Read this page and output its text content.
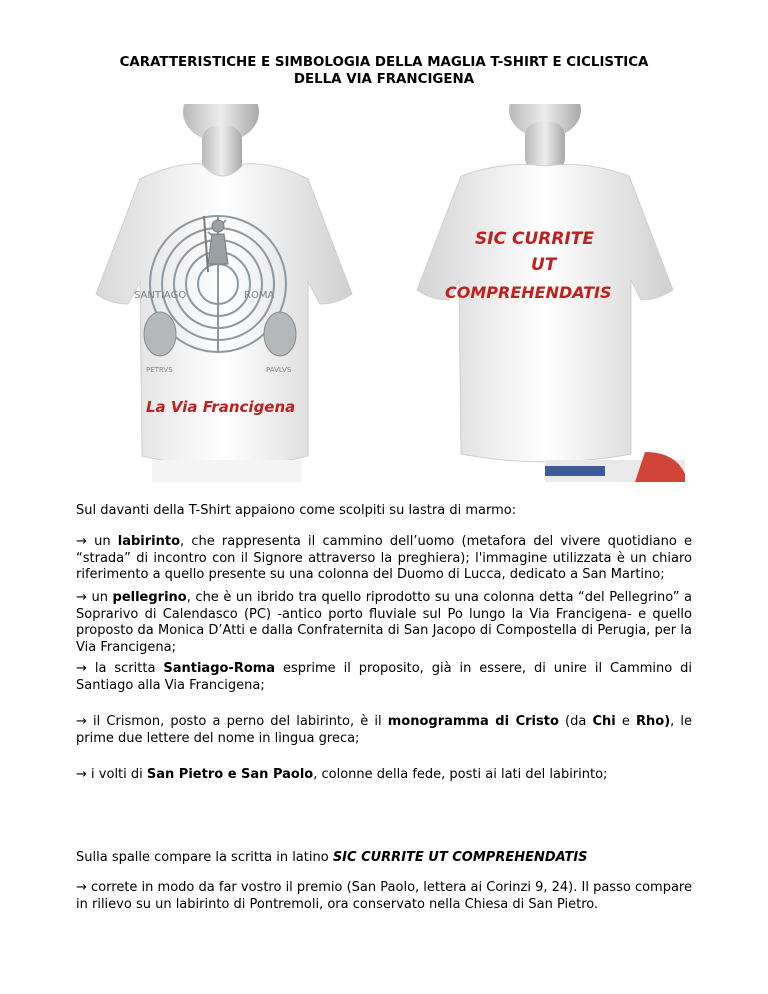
CARATTERISTICHE E SIMBOLOGIA DELLA MAGLIA T-SHIRT E CICLISTICA
DELLA VIA FRANCIGENA
SANTIAGO	ROMA
PETRVS	PAVLVS
La Via Francigena
SIC CURRITE
UT
COMPREHENDATIS
Sul davanti della T-Shirt appaiono come scolpiti su lastra di marmo:
→ un labirinto, che rappresenta il cammino dell’uomo (metafora del vivere quotidiano e “strada” di incontro con il Signore attraverso la preghiera); l'immagine utilizzata è un chiaro riferimento a quello presente su una colonna del Duomo di Lucca, dedicato a San Martino;
→ un pellegrino, che è un ibrido tra quello riprodotto su una colonna detta “del Pellegrino” a Soprarivo di Calendasco (PC) -antico porto fluviale sul Po lungo la Via Francigena- e quello proposto da Monica D’Atti e dalla Confraternita di San Jacopo di Compostella di Perugia, per la Via Francigena;
→ la scritta Santiago-Roma esprime il proposito, già in essere, di unire il Cammino di Santiago alla Via Francigena;
→ il Crismon, posto a perno del labirinto, è il monogramma di Cristo (da Chi e Rho), le prime due lettere del nome in lingua greca;
→ i volti di San Pietro e San Paolo, colonne della fede, posti ai lati del labirinto;
Sulla spalle compare la scritta in latino SIC CURRITE UT COMPREHENDATIS
→ correte in modo da far vostro il premio (San Paolo, lettera ai Corinzi 9, 24). Il passo compare in rilievo su un labirinto di Pontremoli, ora conservato nella Chiesa di San Pietro.
